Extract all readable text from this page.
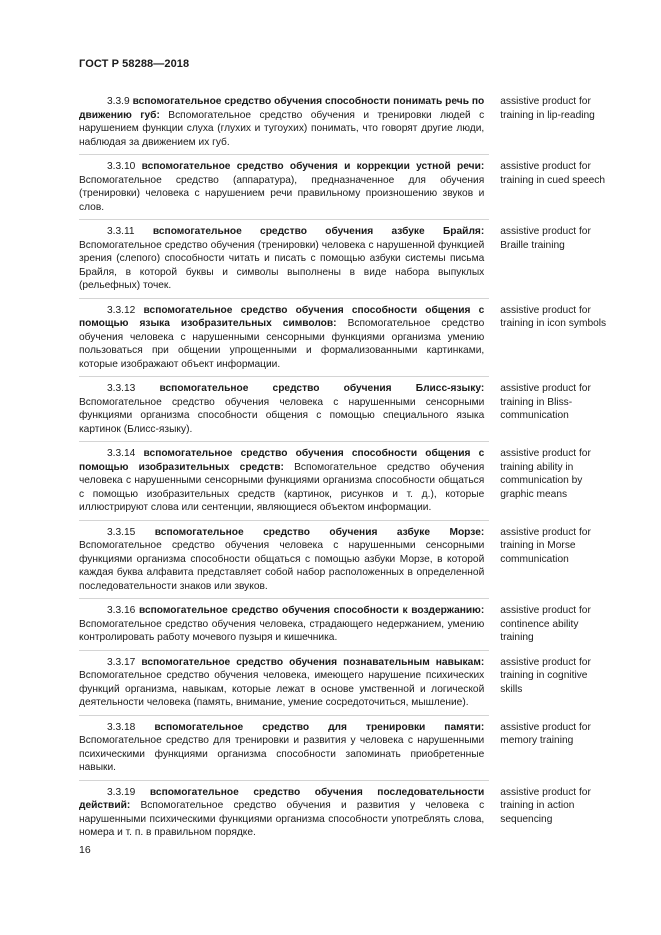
ГОСТ Р 58288—2018
3.3.9 вспомогательное средство обучения способности понимать речь по движению губ: Вспомогательное средство обучения и тренировки людей с нарушением функции слуха (глухих и тугоухих) понимать, что говорят другие люди, наблюдая за движением их губ.
assistive product for training in lip-reading
3.3.10 вспомогательное средство обучения и коррекции устной речи: Вспомогательное средство (аппаратура), предназначенное для обучения (тренировки) человека с нарушением речи правильному произношению звуков и слов.
assistive product for training in cued speech
3.3.11 вспомогательное средство обучения азбуке Брайля: Вспомогательное средство обучения (тренировки) человека с нарушенной функцией зрения (слепого) способности читать и писать с помощью азбуки системы письма Брайля, в которой буквы и символы выполнены в виде набора выпуклых (рельефных) точек.
assistive product for Braille training
3.3.12 вспомогательное средство обучения способности общения с помощью языка изобразительных символов: Вспомогательное средство обучения человека с нарушенными сенсорными функциями организма умению пользоваться при общении упрощенными и формализованными картинками, которые изображают объект информации.
assistive product for training in icon symbols
3.3.13 вспомогательное средство обучения Блисс-языку: Вспомогательное средство обучения человека с нарушенными сенсорными функциями организма способности общения с помощью специального языка картинок (Блисс-языку).
assistive product for training in Bliss-communication
3.3.14 вспомогательное средство обучения способности общения с помощью изобразительных средств: Вспомогательное средство обучения человека с нарушенными сенсорными функциями организма способности общаться с помощью изобразительных средств (картинок, рисунков и т. д.), которые иллюстрируют слова или сентенции, являющиеся объектом информации.
assistive product for training ability in communication by graphic means
3.3.15 вспомогательное средство обучения азбуке Морзе: Вспомогательное средство обучения человека с нарушенными сенсорными функциями организма способности общаться с помощью азбуки Морзе, в которой каждая буква алфавита представляет собой набор расположенных в определенной последовательности знаков или звуков.
assistive product for training in Morse communication
3.3.16 вспомогательное средство обучения способности к воздержанию: Вспомогательное средство обучения человека, страдающего недержанием, умению контролировать работу мочевого пузыря и кишечника.
assistive product for continence ability training
3.3.17 вспомогательное средство обучения познавательным навыкам: Вспомогательное средство обучения человека, имеющего нарушение психических функций организма, навыкам, которые лежат в основе умственной и логической деятельности человека (память, внимание, умение сосредоточиться, мышление).
assistive product for training in cognitive skills
3.3.18 вспомогательное средство для тренировки памяти: Вспомогательное средство для тренировки и развития у человека с нарушенными психическими функциями организма способности запоминать приобретенные навыки.
assistive product for memory training
3.3.19 вспомогательное средство обучения последовательности действий: Вспомогательное средство обучения и развития у человека с нарушенными психическими функциями организма способности употреблять слова, номера и т. п. в правильном порядке.
assistive product for training in action sequencing
16
